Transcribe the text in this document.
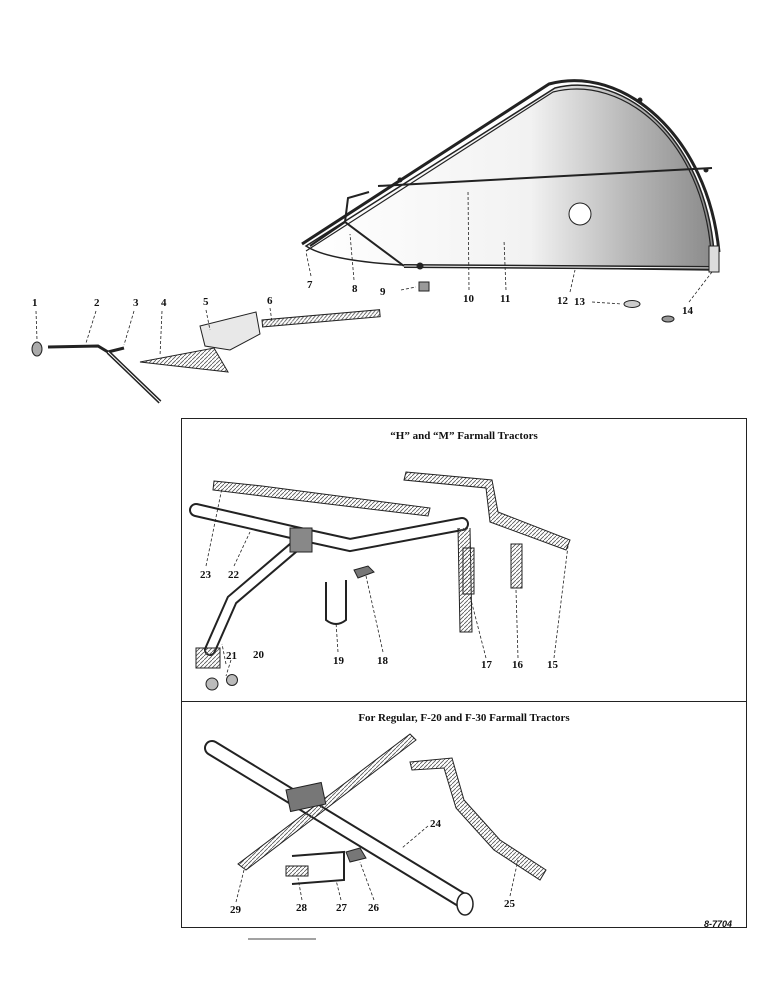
“H” and “M” Farmall Tractors
For Regular, F-20 and F-30 Farmall Tractors
1	2	3 4	5	6
7	8 9
10 11	12 13
14
15
16
17
18
19
20
21
22
23
24
25
26
27
28
29
8-7704
